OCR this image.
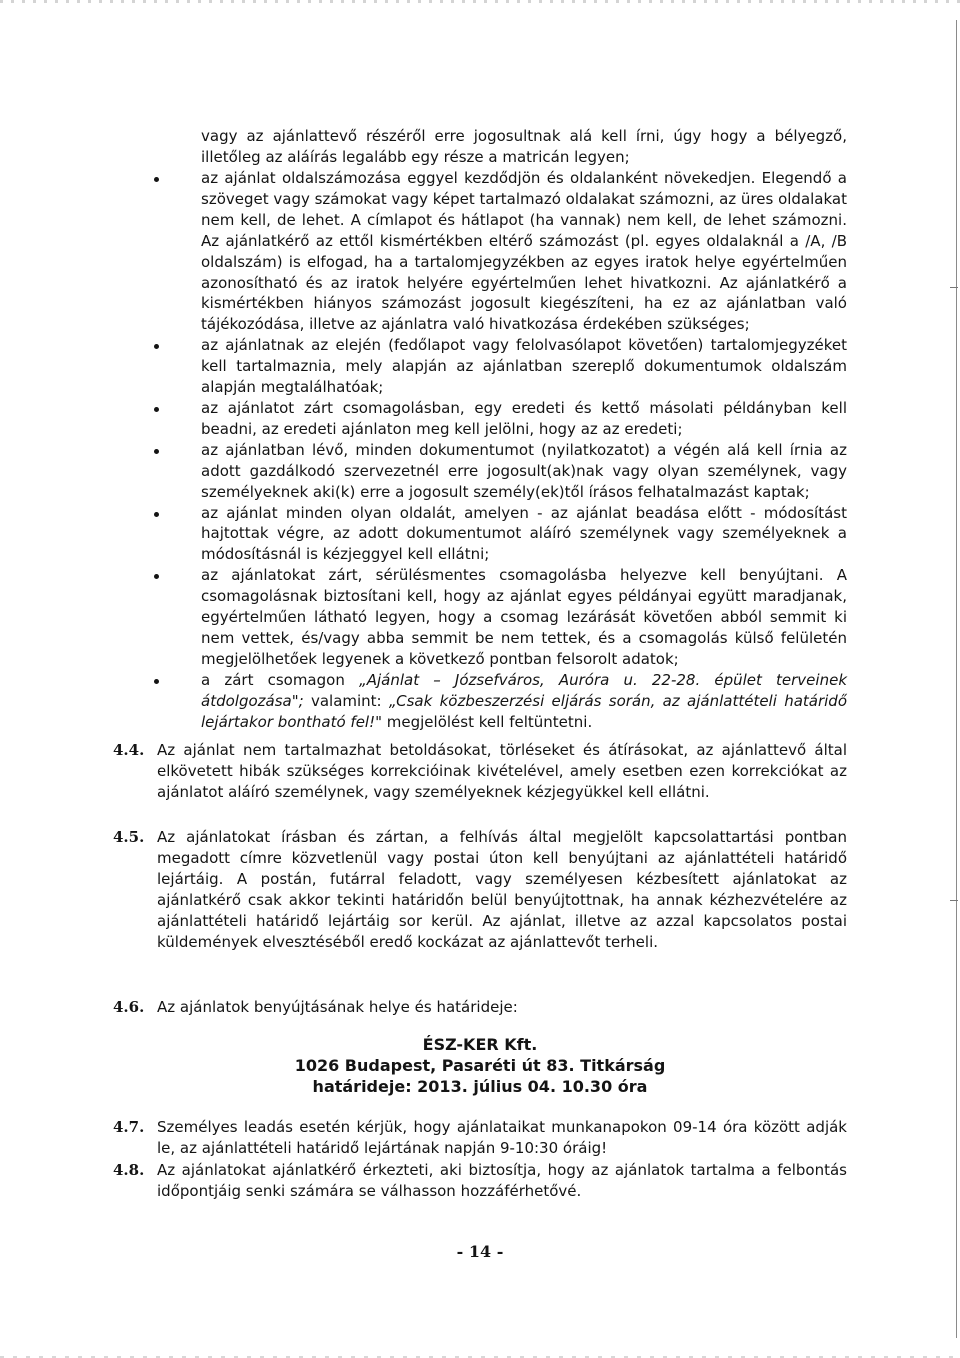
vagy az ajánlattevő részéről erre jogosultnak alá kell írni, úgy hogy a bélyegző, illetőleg az aláírás legalább egy része a matricán legyen;
az ajánlat oldalszámozása eggyel kezdődjön és oldalanként növekedjen. Elegendő a szöveget vagy számokat vagy képet tartalmazó oldalakat számozni, az üres oldalakat nem kell, de lehet. A címlapot és hátlapot (ha vannak) nem kell, de lehet számozni. Az ajánlatkérő az ettől kismértékben eltérő számozást (pl. egyes oldalaknál a /A, /B oldalszám) is elfogad, ha a tartalomjegyzékben az egyes iratok helye egyértelműen azonosítható és az iratok helyére egyértelműen lehet hivatkozni. Az ajánlatkérő a kismértékben hiányos számozást jogosult kiegészíteni, ha ez az ajánlatban való tájékozódása, illetve az ajánlatra való hivatkozása érdekében szükséges;
az ajánlatnak az elején (fedőlapot vagy felolvasólapot követően) tartalomjegyzéket kell tartalmaznia, mely alapján az ajánlatban szereplő dokumentumok oldalszám alapján megtalálhatóak;
az ajánlatot zárt csomagolásban, egy eredeti és kettő másolati példányban kell beadni, az eredeti ajánlaton meg kell jelölni, hogy az az eredeti;
az ajánlatban lévő, minden dokumentumot (nyilatkozatot) a végén alá kell írnia az adott gazdálkodó szervezetnél erre jogosult(ak)nak vagy olyan személynek, vagy személyeknek aki(k) erre a jogosult személy(ek)től írásos felhatalmazást kaptak;
az ajánlat minden olyan oldalát, amelyen - az ajánlat beadása előtt - módosítást hajtottak végre, az adott dokumentumot aláíró személynek vagy személyeknek a módosításnál is kézjeggyel kell ellátni;
az ajánlatokat zárt, sérülésmentes csomagolásba helyezve kell benyújtani. A csomagolásnak biztosítani kell, hogy az ajánlat egyes példányai együtt maradjanak, egyértelműen látható legyen, hogy a csomag lezárását követően abból semmit ki nem vettek, és/vagy abba semmit be nem tettek, és a csomagolás külső felületén megjelölhetőek legyenek a következő pontban felsorolt adatok;
a zárt csomagon „Ajánlat – Józsefváros, Auróra u. 22-28. épület terveinek átdolgozása"; valamint: „Csak közbeszerzési eljárás során, az ajánlattételi határidő lejártakor bontható fel!" megjelölést kell feltüntetni.
4.4. Az ajánlat nem tartalmazhat betoldásokat, törléseket és átírásokat, az ajánlattevő által elkövetett hibák szükséges korrekcióinak kivételével, amely esetben ezen korrekciókat az ajánlatot aláíró személynek, vagy személyeknek kézjegyükkel kell ellátni.
4.5. Az ajánlatokat írásban és zártan, a felhívás által megjelölt kapcsolattartási pontban megadott címre közvetlenül vagy postai úton kell benyújtani az ajánlattételi határidő lejártáig. A postán, futárral feladott, vagy személyesen kézbesített ajánlatokat az ajánlatkérő csak akkor tekinti határidőn belül benyújtottnak, ha annak kézhezvételére az ajánlattételi határidő lejártáig sor kerül. Az ajánlat, illetve az azzal kapcsolatos postai küldemények elvesztéséből eredő kockázat az ajánlattevőt terheli.
4.6. Az ajánlatok benyújtásának helye és határideje:
ÉSZ-KER Kft.
1026 Budapest, Pasaréti út 83. Titkárság
határideje: 2013. július 04. 10.30 óra
4.7. Személyes leadás esetén kérjük, hogy ajánlataikat munkanapokon 09-14 óra között adják le, az ajánlattételi határidő lejártának napján 9-10:30 óráig!
4.8. Az ajánlatokat ajánlatkérő érkezteti, aki biztosítja, hogy az ajánlatok tartalma a felbontás időpontjáig senki számára se válhasson hozzáférhetővé.
- 14 -
